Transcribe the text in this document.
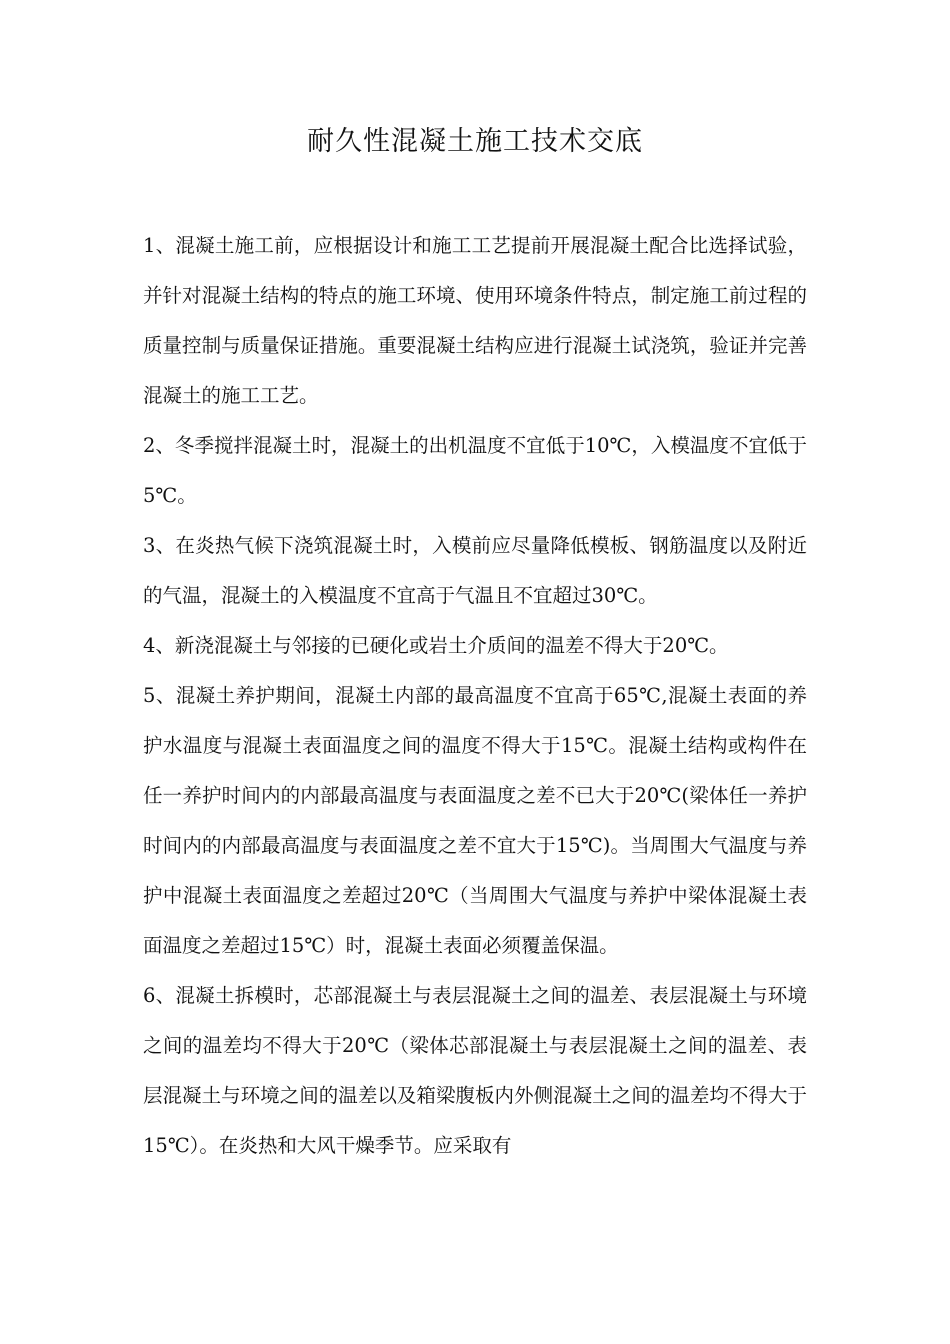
耐久性混凝土施工技术交底

1、混凝土施工前，应根据设计和施工工艺提前开展混凝土配合比选择试验，并针对混凝土结构的特点的施工环境、使用环境条件特点，制定施工前过程的质量控制与质量保证措施。重要混凝土结构应进行混凝土试浇筑，验证并完善混凝土的施工工艺。

2、冬季搅拌混凝土时，混凝土的出机温度不宜低于10℃，入模温度不宜低于5℃。

3、在炎热气候下浇筑混凝土时，入模前应尽量降低模板、钢筋温度以及附近的气温，混凝土的入模温度不宜高于气温且不宜超过30℃。

4、新浇混凝土与邻接的已硬化或岩土介质间的温差不得大于20℃。

5、混凝土养护期间，混凝土内部的最高温度不宜高于65℃,混凝土表面的养护水温度与混凝土表面温度之间的温度不得大于15℃。混凝土结构或构件在任一养护时间内的内部最高温度与表面温度之差不已大于20℃(梁体任一养护时间内的内部最高温度与表面温度之差不宜大于15℃)。当周围大气温度与养护中混凝土表面温度之差超过20℃（当周围大气温度与养护中梁体混凝土表面温度之差超过15℃）时，混凝土表面必须覆盖保温。

6、混凝土拆模时，芯部混凝土与表层混凝土之间的温差、表层混凝土与环境之间的温差均不得大于20℃（梁体芯部混凝土与表层混凝土之间的温差、表层混凝土与环境之间的温差以及箱梁腹板内外侧混凝土之间的温差均不得大于15℃）。在炎热和大风干燥季节。应采取有
